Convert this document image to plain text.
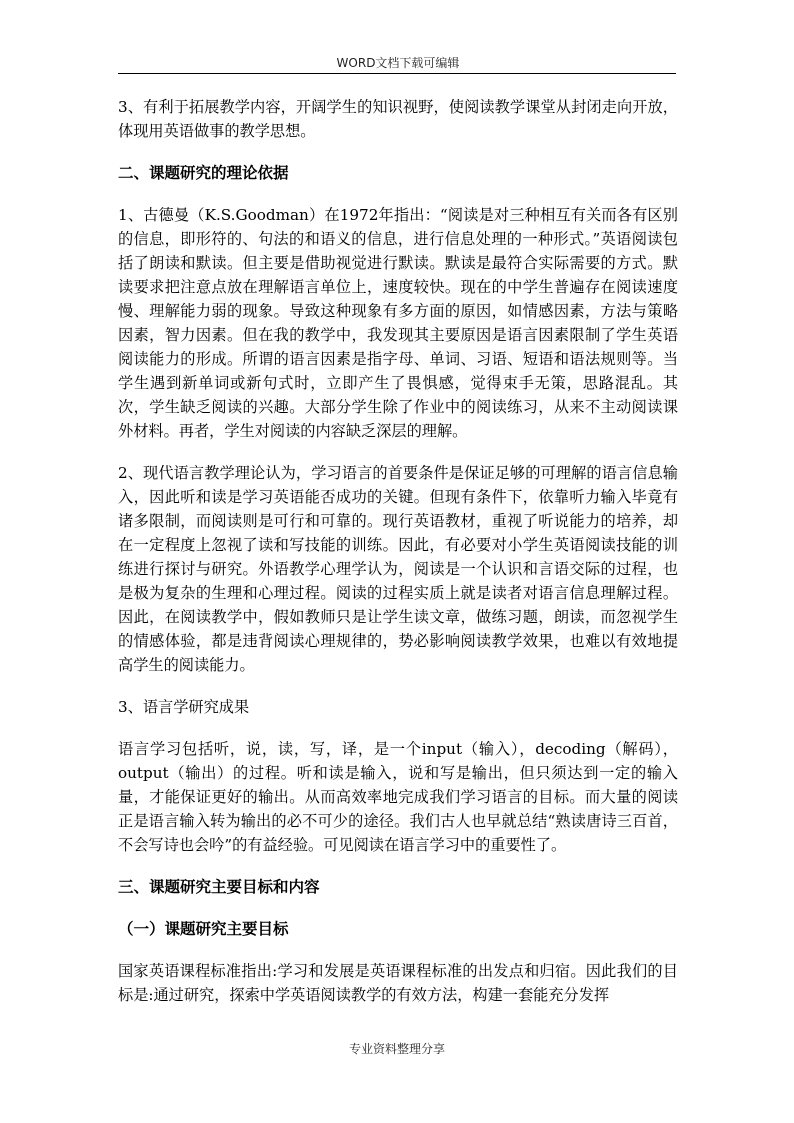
WORD文档下载可编辑

3、有利于拓展教学内容，开阔学生的知识视野，使阅读教学课堂从封闭走向开放，体现用英语做事的教学思想。

二、课题研究的理论依据

1、古德曼（K.S.Goodman）在1972年指出：“阅读是对三种相互有关而各有区别的信息，即形符的、句法的和语义的信息，进行信息处理的一种形式。”英语阅读包括了朗读和默读。但主要是借助视觉进行默读。默读是最符合实际需要的方式。默读要求把注意点放在理解语言单位上，速度较快。现在的中学生普遍存在阅读速度慢、理解能力弱的现象。导致这种现象有多方面的原因，如情感因素，方法与策略因素，智力因素。但在我的教学中，我发现其主要原因是语言因素限制了学生英语阅读能力的形成。所谓的语言因素是指字母、单词、习语、短语和语法规则等。当学生遇到新单词或新句式时，立即产生了畏惧感，觉得束手无策，思路混乱。其次，学生缺乏阅读的兴趣。大部分学生除了作业中的阅读练习，从来不主动阅读课外材料。再者，学生对阅读的内容缺乏深层的理解。

2、现代语言教学理论认为，学习语言的首要条件是保证足够的可理解的语言信息输入，因此听和读是学习英语能否成功的关键。但现有条件下，依靠听力输入毕竟有诸多限制，而阅读则是可行和可靠的。现行英语教材，重视了听说能力的培养，却在一定程度上忽视了读和写技能的训练。因此，有必要对小学生英语阅读技能的训练进行探讨与研究。外语教学心理学认为，阅读是一个认识和言语交际的过程，也是极为复杂的生理和心理过程。阅读的过程实质上就是读者对语言信息理解过程。因此，在阅读教学中，假如教师只是让学生读文章，做练习题，朗读，而忽视学生的情感体验，都是违背阅读心理规律的，势必影响阅读教学效果，也难以有效地提高学生的阅读能力。

3、语言学研究成果

语言学习包括听，说，读，写，译，是一个input（输入），decoding（解码），output（输出）的过程。听和读是输入，说和写是输出，但只须达到一定的输入量，才能保证更好的输出。从而高效率地完成我们学习语言的目标。而大量的阅读正是语言输入转为输出的必不可少的途径。我们古人也早就总结“熟读唐诗三百首，不会写诗也会吟”的有益经验。可见阅读在语言学习中的重要性了。

三、课题研究主要目标和内容

（一）课题研究主要目标

国家英语课程标准指出:学习和发展是英语课程标准的出发点和归宿。因此我们的目标是:通过研究，探索中学英语阅读教学的有效方法，构建一套能充分发挥

专业资料整理分享
